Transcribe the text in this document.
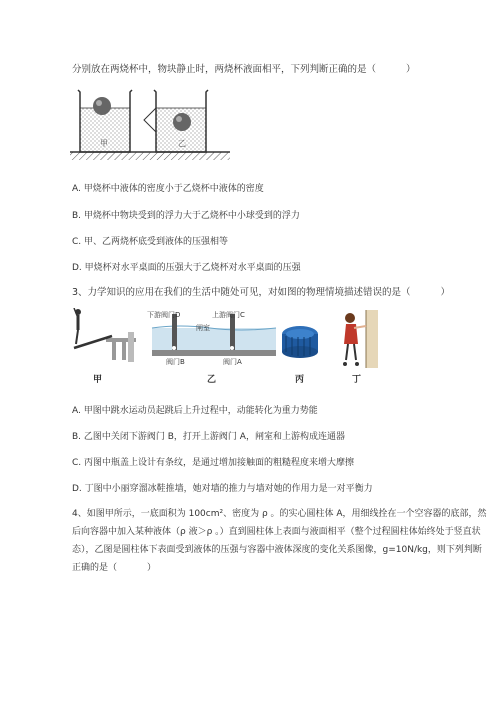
分别放在两烧杯中，物块静止时，两烧杯液面相平，下列判断正确的是（	）
甲	乙
A. 甲烧杯中液体的密度小于乙烧杯中液体的密度
B. 甲烧杯中物块受到的浮力大于乙烧杯中小球受到的浮力
C. 甲、乙两烧杯底受到液体的压强相等
D. 甲烧杯对水平桌面的压强大于乙烧杯对水平桌面的压强
3、力学知识的应用在我们的生活中随处可见，对如图的物理情境描述错误的是（	）
甲
下游阀门D	上游阀门C
闸室
阀门B	阀门A
乙	丙	丁
A. 甲图中跳水运动员起跳后上升过程中，动能转化为重力势能
B. 乙图中关闭下游阀门 B，打开上游阀门 A，闸室和上游构成连通器
C. 丙图中瓶盖上设计有条纹，是通过增加接触面的粗糙程度来增大摩擦
D. 丁图中小丽穿溜冰鞋推墙，她对墙的推力与墙对她的作用力是一对平衡力
4、如图甲所示，一底面积为 100cm²、密度为 ρ 。的实心圆柱体 A，用细线拴在一个空容器的底部，然
后向容器中加入某种液体（ρ 液＞ρ 。）直到圆柱体上表面与液面相平（整个过程圆柱体始终处于竖直状
态），乙图是圆柱体下表面受到液体的压强与容器中液体深度的变化关系图像，g=10N/kg，则下列判断
正确的是（	）
